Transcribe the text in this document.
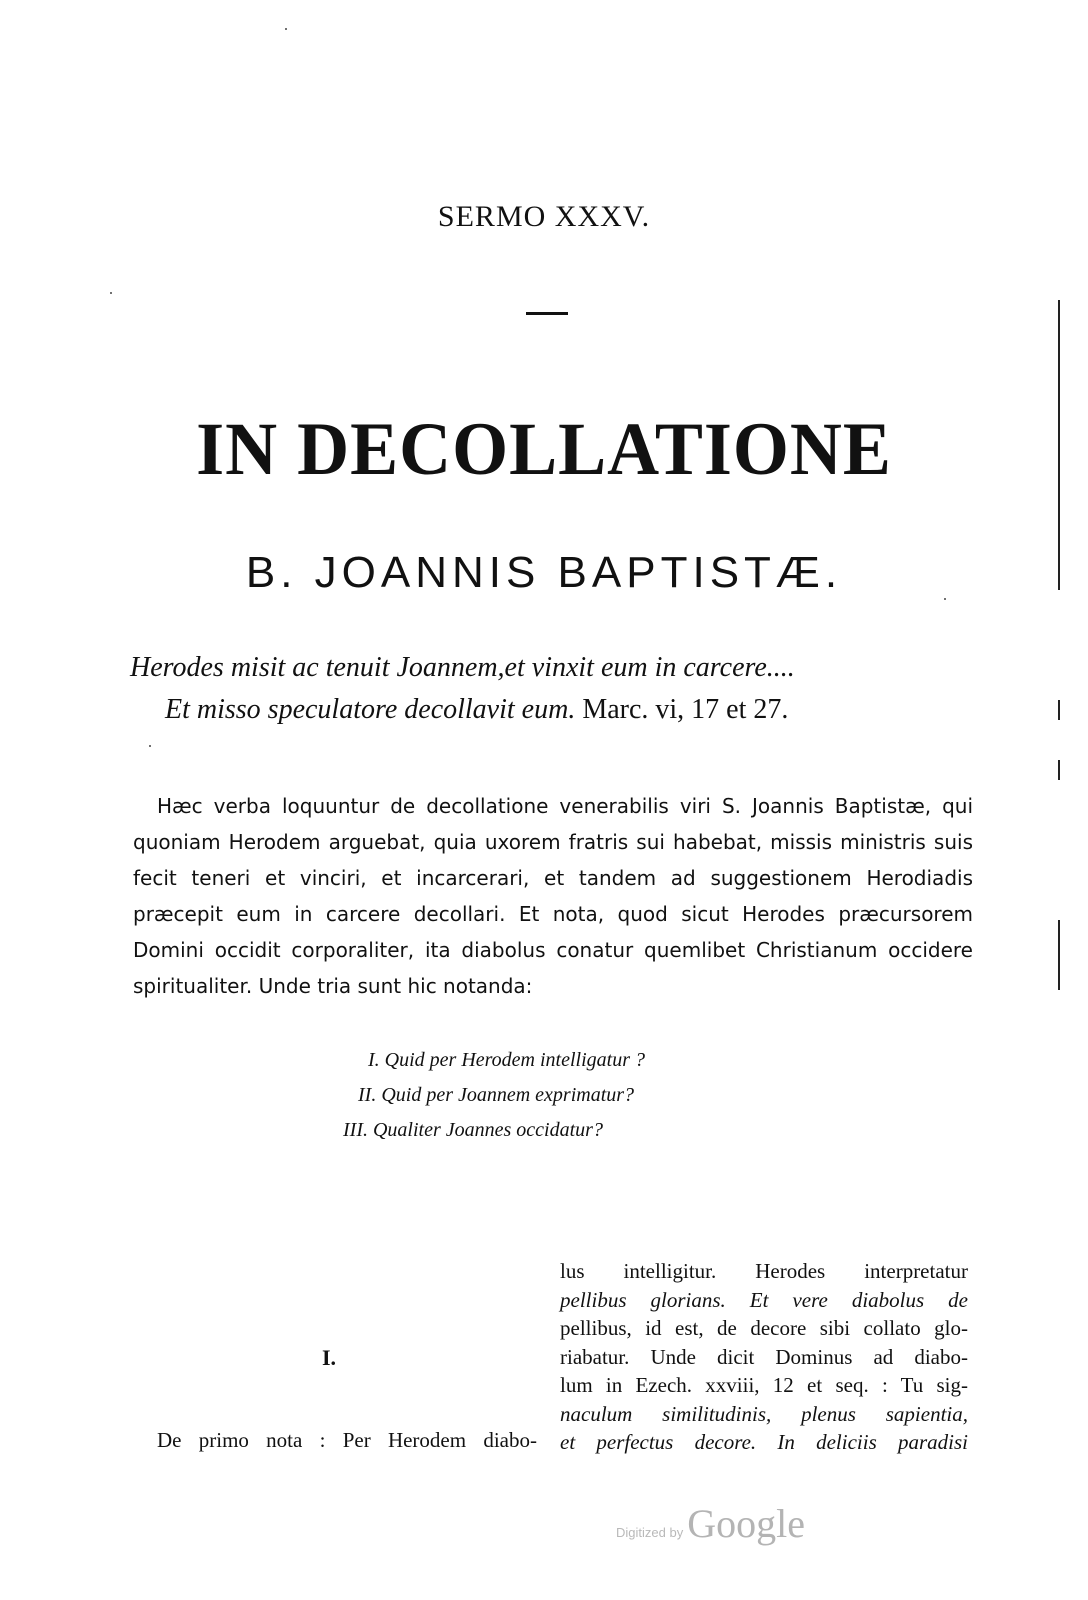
SERMO XXXV.
IN DECOLLATIONE
B. JOANNIS BAPTISTÆ.
Herodes misit ac tenuit Joannem,et vinxit eum in carcere....
Et misso speculatore decollavit eum. Marc. vi, 17 et 27.
Hæc verba loquuntur de decollatione venerabilis viri S. Joannis Baptistæ, qui quoniam Herodem arguebat, quia uxorem fratris sui habebat, missis ministris suis fecit teneri et vinciri, et incarcerari, et tandem ad suggestionem Herodiadis præcepit eum in carcere decollari. Et nota, quod sicut Herodes præcursorem Domini occidit corporaliter, ita diabolus conatur quemlibet Christianum occidere spiritualiter. Unde tria sunt hic notanda:
I. Quid per Herodem intelligatur ?
II. Quid per Joannem exprimatur?
III. Qualiter Joannes occidatur?
I.
De primo nota : Per Herodem diabo-
lus intelligitur. Herodes interpretatur
pellibus glorians. Et vere diabolus de
pellibus, id est, de decore sibi collato glo-
riabatur. Unde dicit Dominus ad diabo-
lum in Ezech. xxviii, 12 et seq. : Tu sig-
naculum similitudinis, plenus sapientia,
et perfectus decore. In deliciis paradisi
Digitized by Google
